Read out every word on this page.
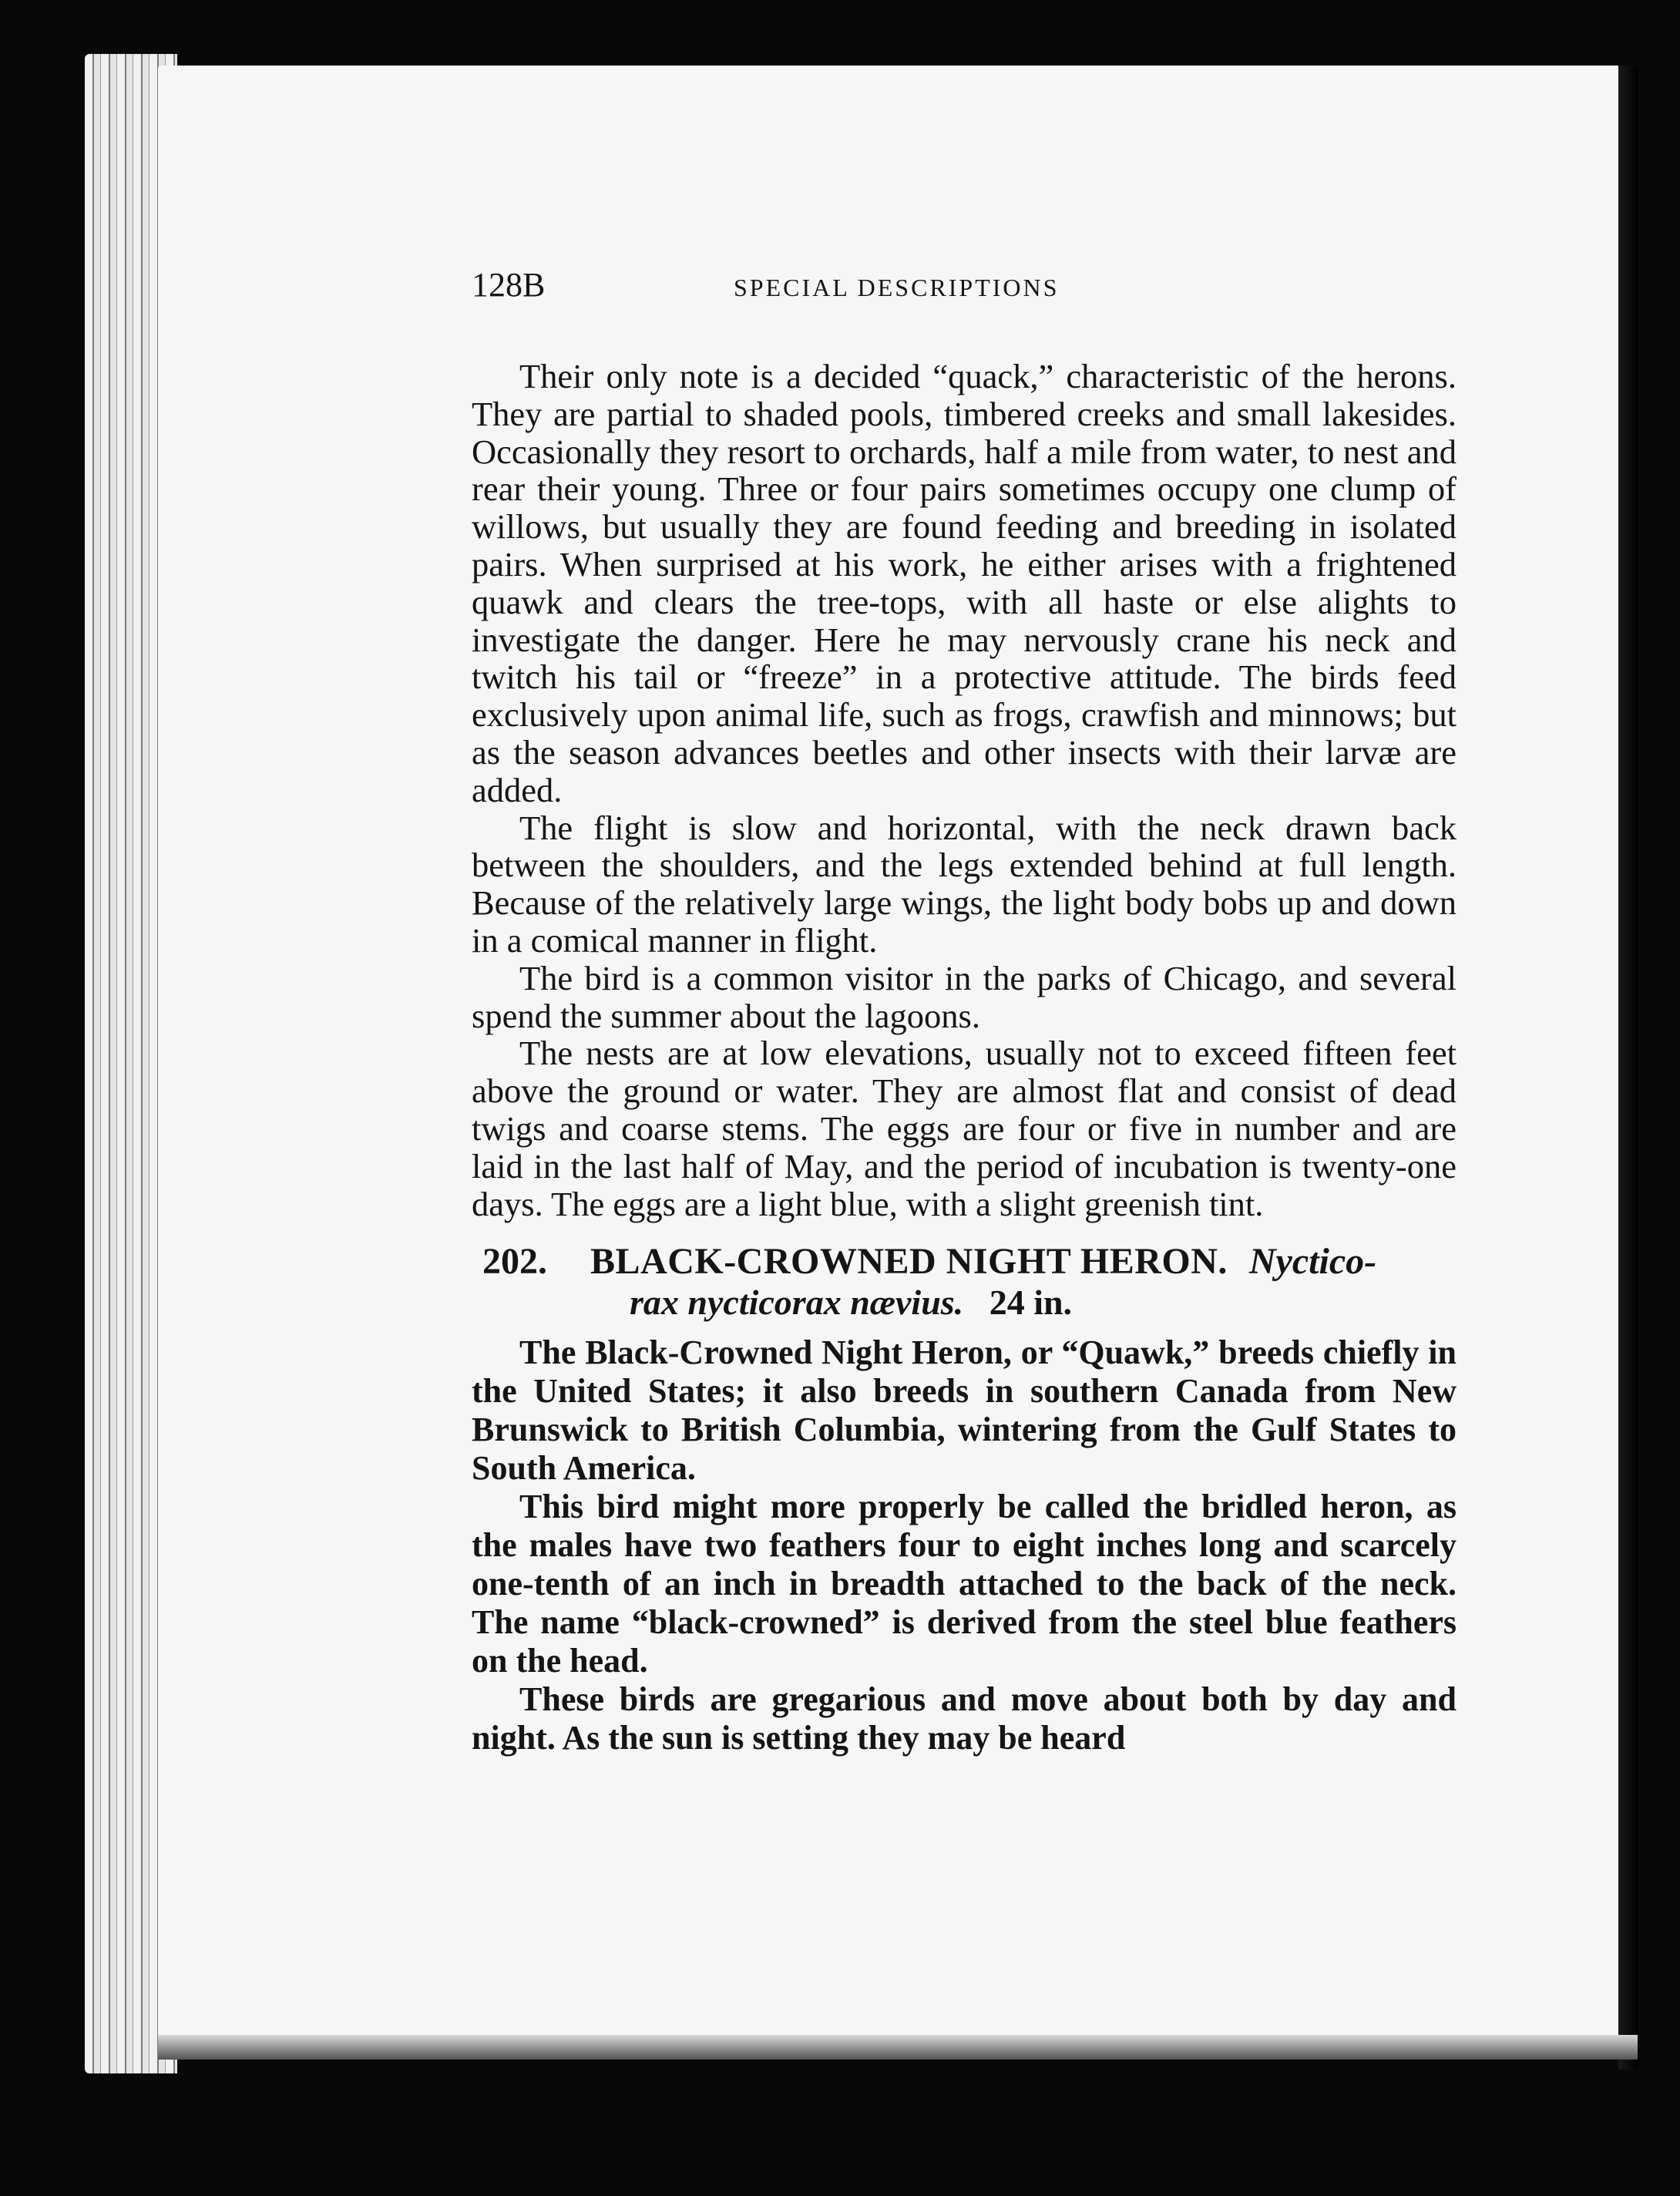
128B	SPECIAL DESCRIPTIONS

Their only note is a decided “quack,” characteristic of the herons. They are partial to shaded pools, timbered creeks and small lakesides. Occasionally they resort to orchards, half a mile from water, to nest and rear their young. Three or four pairs sometimes occupy one clump of willows, but usually they are found feeding and breeding in isolated pairs. When surprised at his work, he either arises with a frightened quawk and clears the tree-tops, with all haste or else alights to investigate the danger. Here he may nervously crane his neck and twitch his tail or “freeze” in a protective attitude. The birds feed exclusively upon animal life, such as frogs, crawfish and minnows; but as the season advances beetles and other insects with their larvæ are added.

The flight is slow and horizontal, with the neck drawn back between the shoulders, and the legs extended behind at full length. Because of the relatively large wings, the light body bobs up and down in a comical manner in flight.

The bird is a common visitor in the parks of Chicago, and several spend the summer about the lagoons.

The nests are at low elevations, usually not to exceed fifteen feet above the ground or water. They are almost flat and consist of dead twigs and coarse stems. The eggs are four or five in number and are laid in the last half of May, and the period of incubation is twenty-one days. The eggs are a light blue, with a slight greenish tint.

202.	BLACK-CROWNED NIGHT HERON. Nyctico-
rax nycticorax nævius. 24 in.

The Black-Crowned Night Heron, or “Quawk,” breeds chiefly in the United States; it also breeds in southern Canada from New Brunswick to British Columbia, wintering from the Gulf States to South America.

This bird might more properly be called the bridled heron, as the males have two feathers four to eight inches long and scarcely one-tenth of an inch in breadth attached to the back of the neck. The name “black-crowned” is derived from the steel blue feathers on the head.

These birds are gregarious and move about both by day and night. As the sun is setting they may be heard
